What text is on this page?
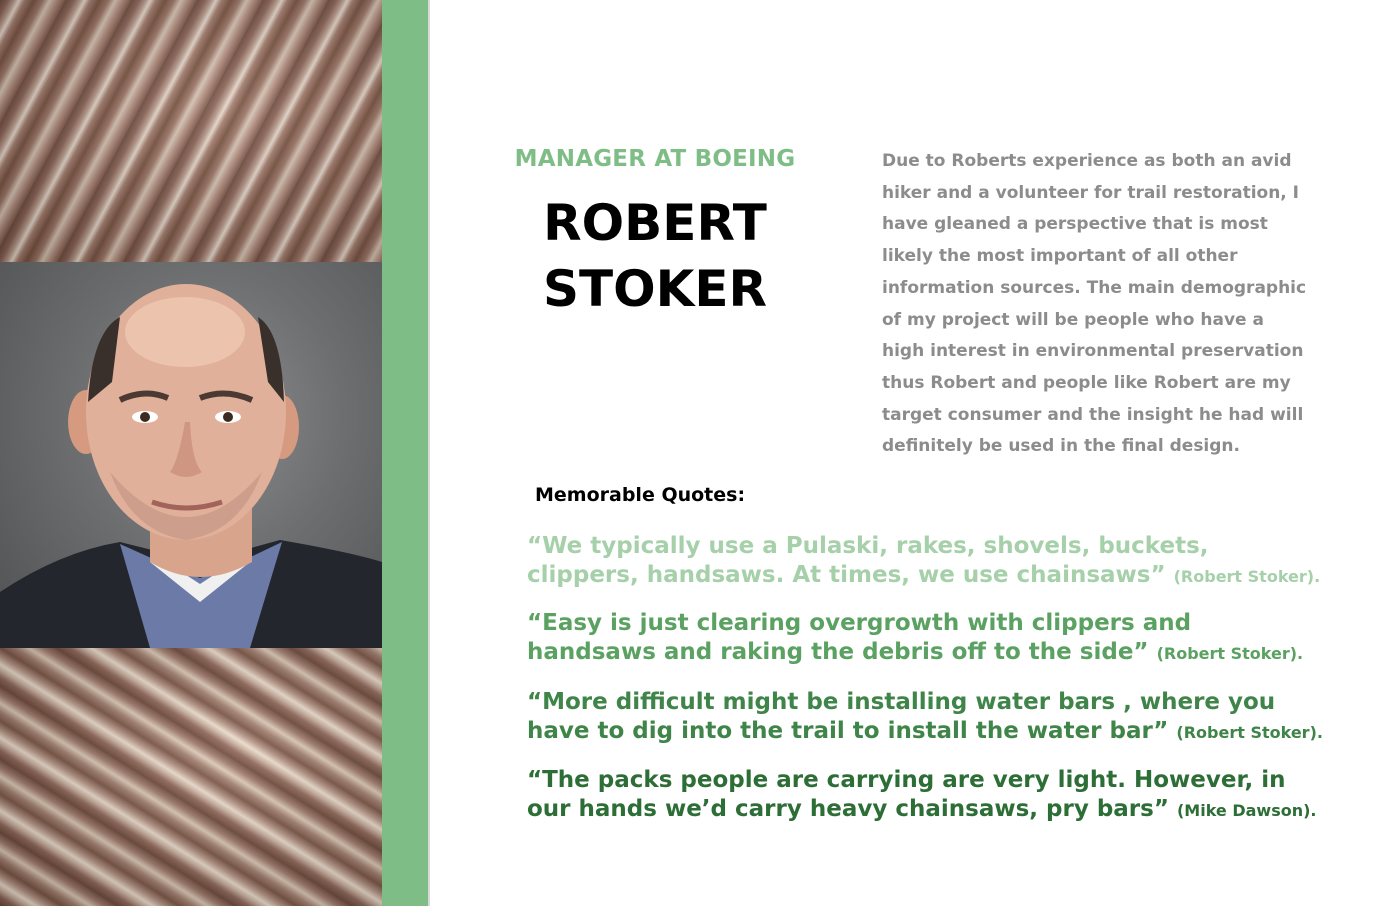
MANAGER AT BOEING
ROBERT
STOKER

Due to Roberts experience as both an avid hiker and a volunteer for trail restoration, I have gleaned a perspective that is most likely the most important of all other information sources. The main demographic of my project will be people who have a high interest in environmental preservation thus Robert and people like Robert are my target consumer and the insight he had will definitely be used in the final design.

Memorable Quotes:

“We typically use a Pulaski, rakes, shovels, buckets, clippers, handsaws. At times, we use chainsaws” (Robert Stoker).

“Easy is just clearing overgrowth with clippers and handsaws and raking the debris off to the side” (Robert Stoker).

“More difficult might be installing water bars , where you have to dig into the trail to install the water bar” (Robert Stoker).

“The packs people are carrying are very light. However, in our hands we’d carry heavy chainsaws, pry bars” (Mike Dawson).
